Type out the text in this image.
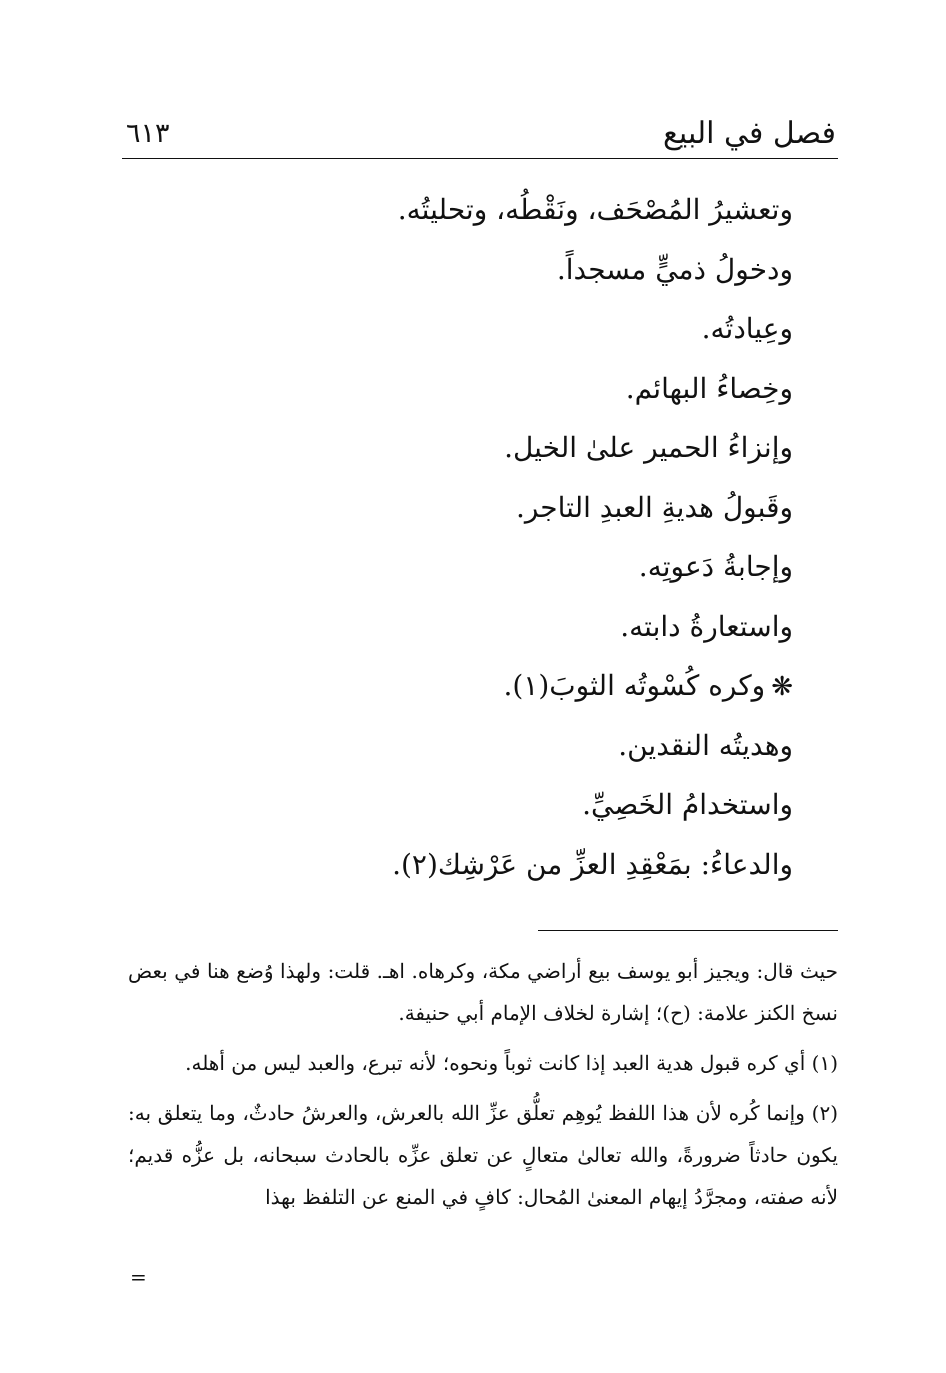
فصل في البيع
٦١٣
وتعشيرُ المُصْحَف، ونَقْطُه، وتحليتُه.
ودخولُ ذميٍّ مسجداً.
وعِيادتُه.
وخِصاءُ البهائم.
وإنزاءُ الحمير علىٰ الخيل.
وقَبولُ هديةِ العبدِ التاجر.
وإجابةُ دَعوتِه.
واستعارةُ دابته.
❋وكره كُسْوتُه الثوبَ(١).
وهديتُه النقدين.
واستخدامُ الخَصِيِّ.
والدعاءُ: بمَعْقِدِ العزِّ من عَرْشِك(٢).

حيث قال: ويجيز أبو يوسف بيع أراضي مكة، وكرهاه. اهـ. قلت: ولهذا وُضع هنا في بعض نسخ الكنز علامة: (ح)؛ إشارة لخلاف الإمام أبي حنيفة.

(١) أي كره قبول هدية العبد إذا كانت ثوباً ونحوه؛ لأنه تبرع، والعبد ليس من أهله.

(٢) وإنما كُره لأن هذا اللفظ يُوهِم تعلُّق عزِّ الله بالعرش، والعرشُ حادثٌ، وما يتعلق به: يكون حادثاً ضرورةً، والله تعالىٰ متعالٍ عن تعلق عزِّه بالحادث سبحانه، بل عزُّه قديم؛ لأنه صفته، ومجرَّدُ إيهام المعنىٰ المُحال: كافٍ في المنع عن التلفظ بهذا

=
